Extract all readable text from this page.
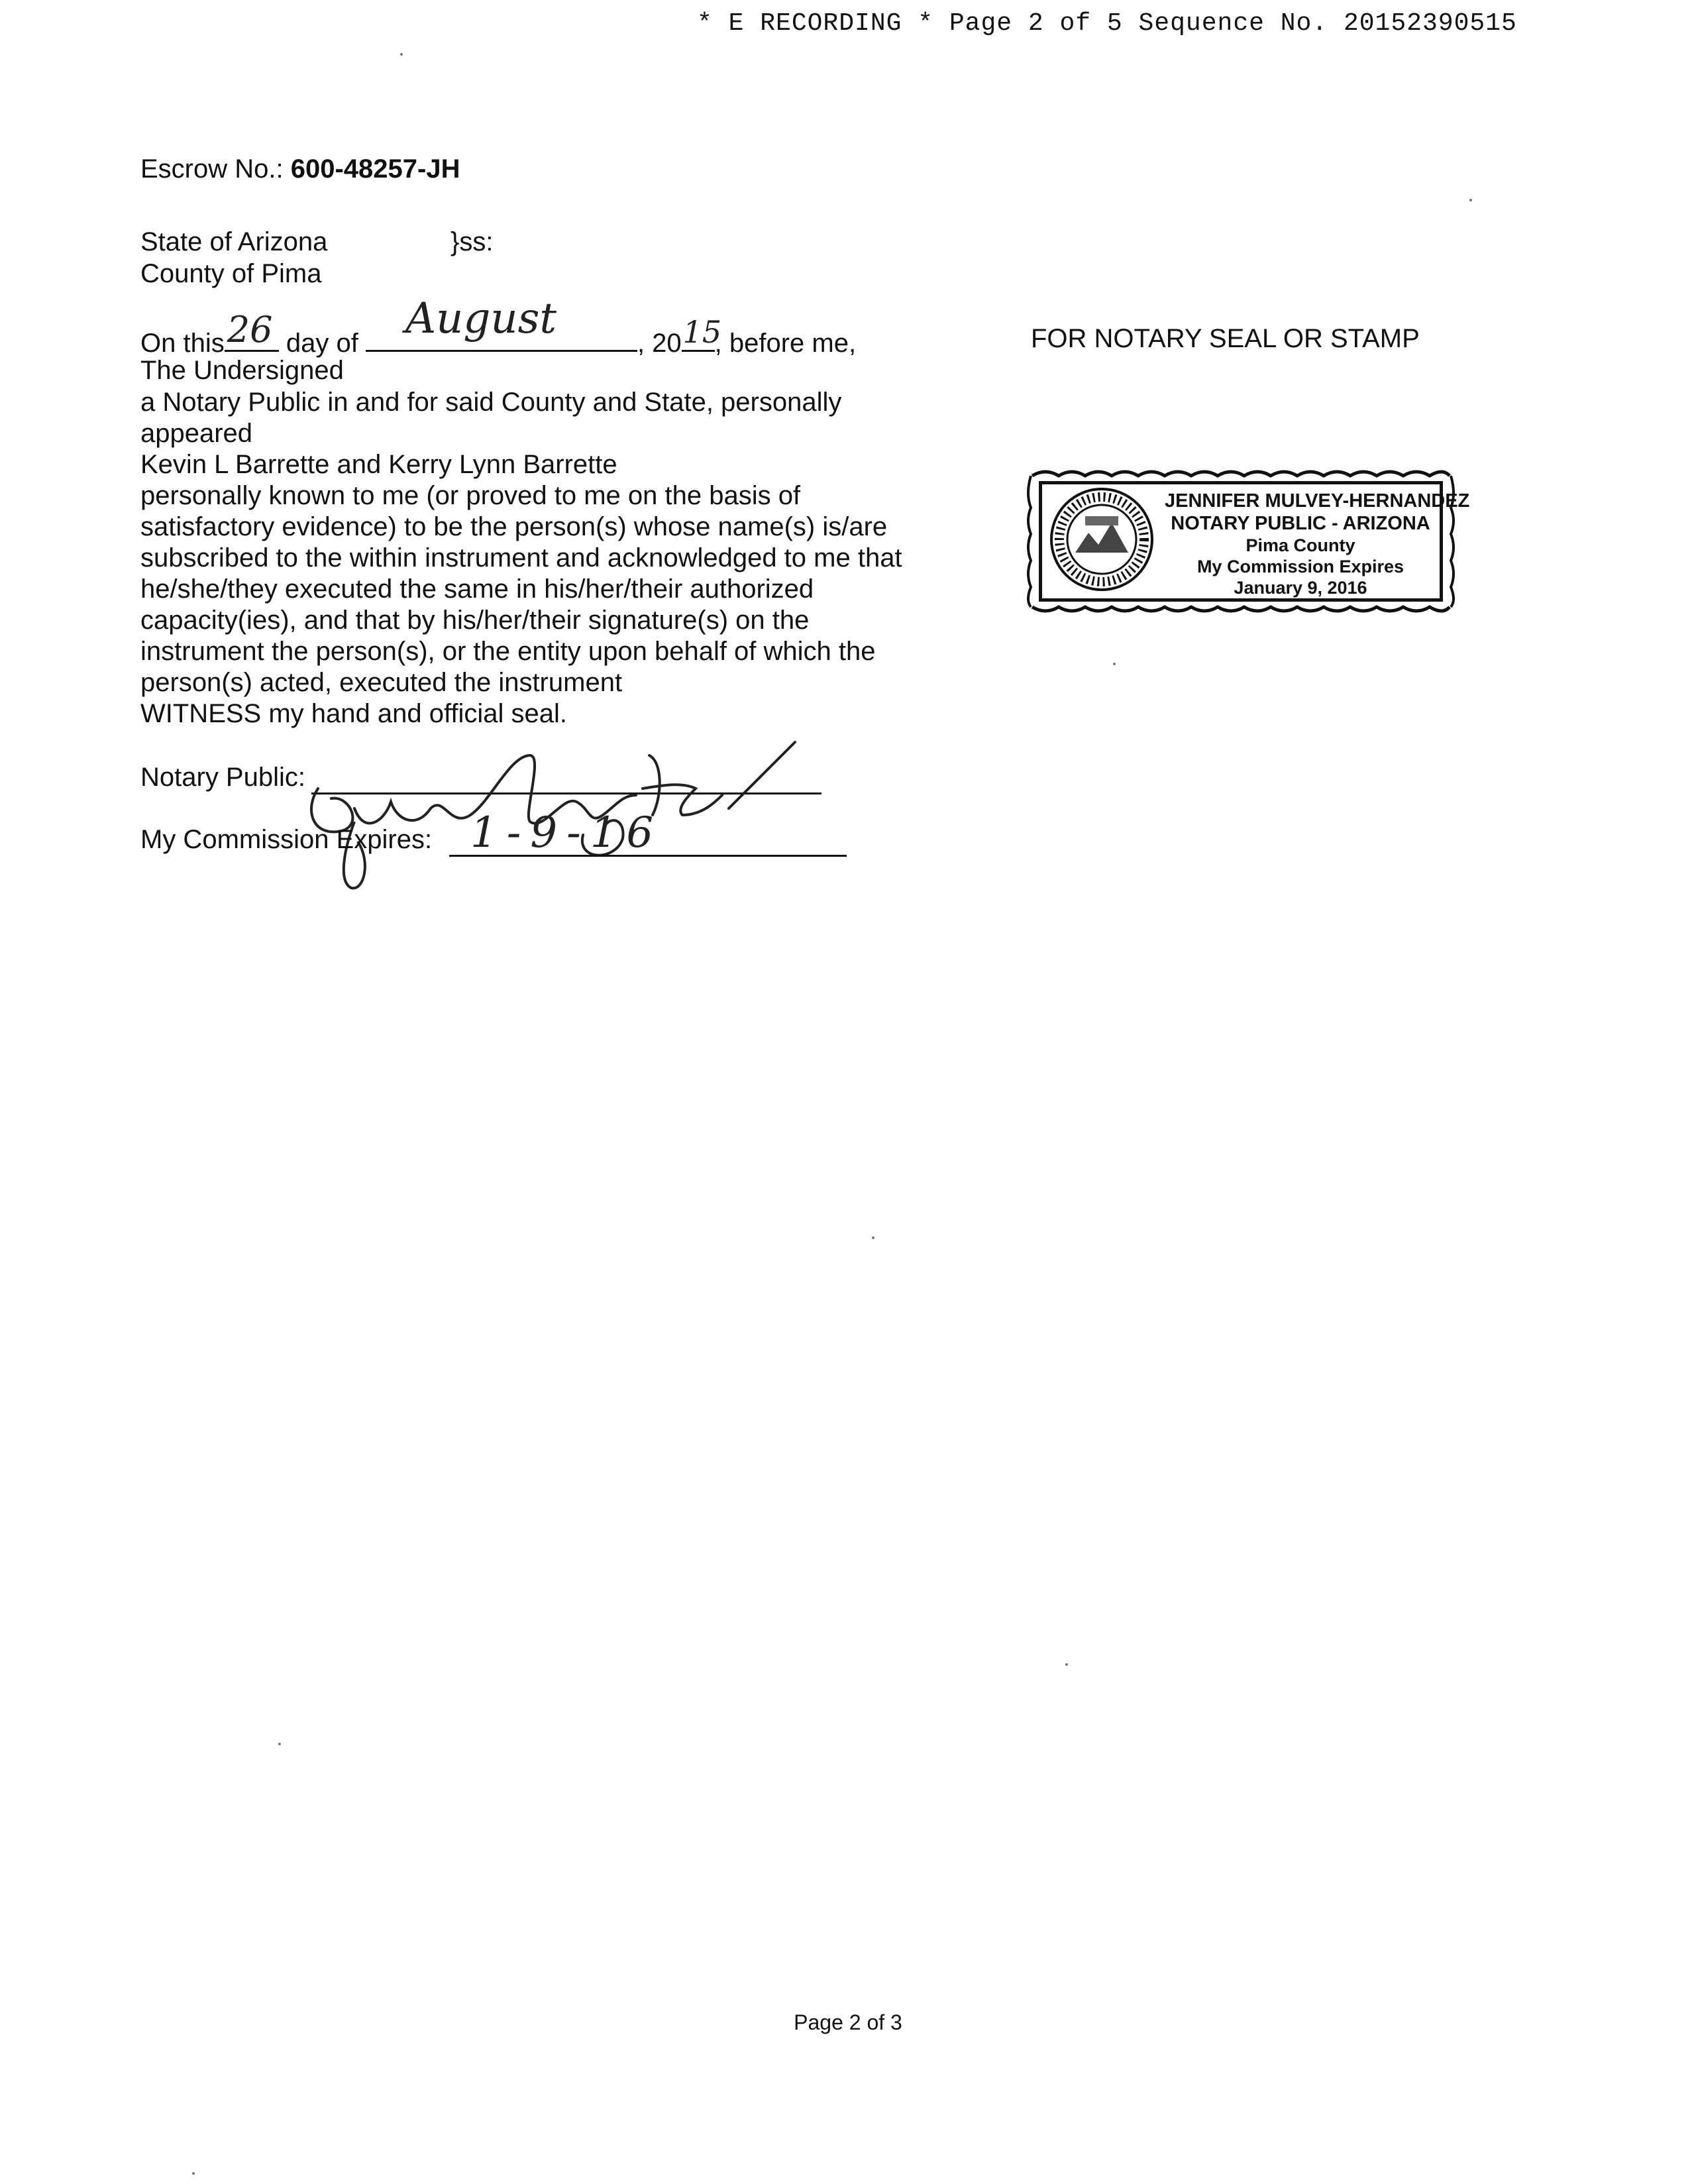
* E RECORDING * Page 2 of 5 Sequence No. 20152390515
Escrow No.: 600-48257-JH
State of Arizona	}ss:
County of Pima
On this 26 day of August	, 20 15
, before me,
The Undersigned
a Notary Public in and for said County and State, personally
appeared
Kevin L Barrette and Kerry Lynn Barrette
personally known to me (or proved to me on the basis of
satisfactory evidence) to be the person(s) whose name(s) is/are
subscribed to the within instrument and acknowledged to me that
he/she/they executed the same in his/her/their authorized
capacity(ies), and that by his/her/their signature(s) on the
instrument the person(s), or the entity upon behalf of which the
person(s) acted, executed the instrument
WITNESS my hand and official seal.
Notary Public:
My Commission Expires: 1-9-16
FOR NOTARY SEAL OR STAMP
JENNIFER MULVEY-HERNANDEZ
NOTARY PUBLIC - ARIZONA
Pima County
My Commission Expires
January 9, 2016
Page 2 of 3
